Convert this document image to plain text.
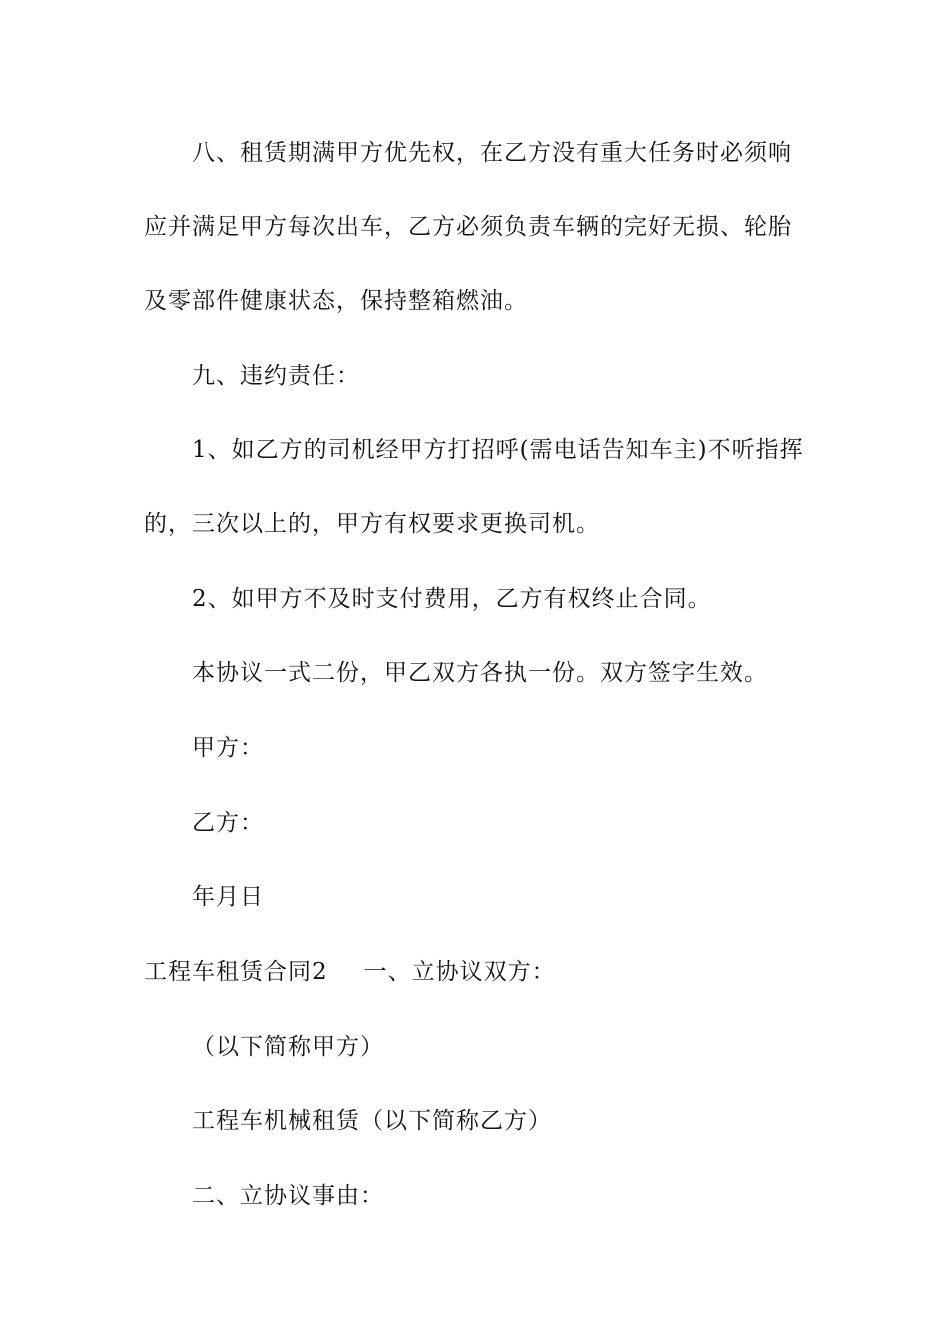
八、租赁期满甲方优先权，在乙方没有重大任务时必须响
应并满足甲方每次出车，乙方必须负责车辆的完好无损、轮胎
及零部件健康状态，保持整箱燃油。
九、违约责任：
1、如乙方的司机经甲方打招呼(需电话告知车主)不听指挥
的，三次以上的，甲方有权要求更换司机。
2、如甲方不及时支付费用，乙方有权终止合同。
本协议一式二份，甲乙双方各执一份。双方签字生效。
甲方：
乙方：
年月日
工程车租赁合同2 一、立协议双方：
（以下简称甲方）
工程车机械租赁（以下简称乙方）
二、立协议事由：
